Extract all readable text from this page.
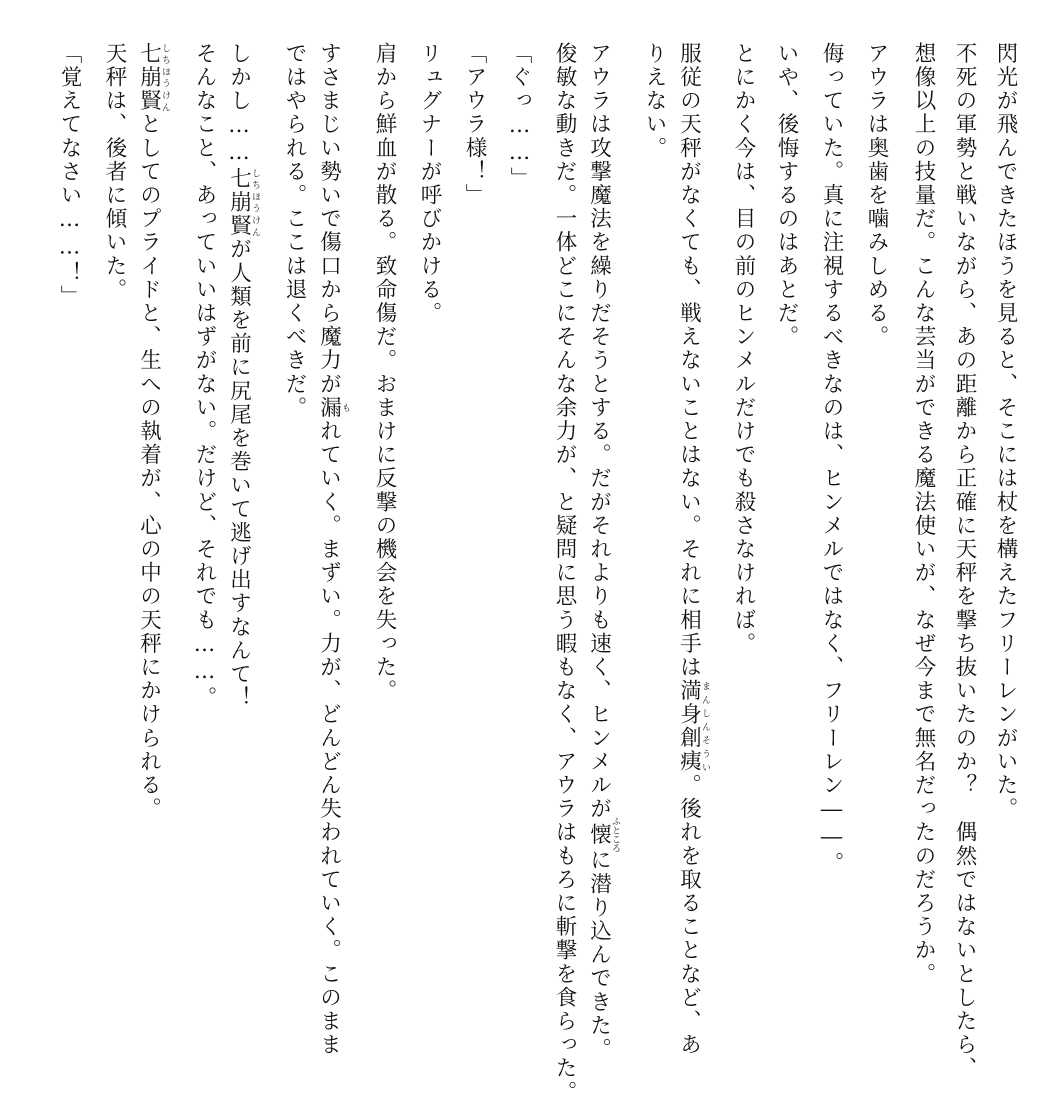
閃光が飛んできたほうを見ると、そこには杖を構えたフリーレンがいた。
不死の軍勢と戦いながら、あの距離から正確に天秤を撃ち抜いたのか？　偶然ではないとしたら、
想像以上の技量だ。こんな芸当ができる魔法使いが、なぜ今まで無名だったのだろうか。
アウラは奥歯を噛みしめる。
侮っていた。真に注視するべきなのは、ヒンメルではなく、フリーレン――。
いや、後悔するのはあとだ。
とにかく今は、目の前のヒンメルだけでも殺さなければ。
服従の天秤がなくても、戦えないことはない。それに相手は満身創痍まんしんそうい。後れを取ることなど、あ
りえない。
アウラは攻撃魔法を繰りだそうとする。だがそれよりも速く、ヒンメルが懐ふところに潜り込んできた。
俊敏な動きだ。一体どこにそんな余力が、と疑問に思う暇もなく、アウラはもろに斬撃を食らった。
「ぐっ……」
「アウラ様！」
リュグナーが呼びかける。
肩から鮮血が散る。致命傷だ。おまけに反撃の機会を失った。
すさまじい勢いで傷口から魔力が漏もれていく。まずい。力が、どんどん失われていく。このまま
ではやられる。ここは退くべきだ。
しかし……七崩賢しちほうけんが人類を前に尻尾を巻いて逃げ出すなんて！
そんなこと、あっていいはずがない。だけど、それでも……。
七崩賢しちほうけんとしてのプライドと、生への執着が、心の中の天秤にかけられる。
天秤は、後者に傾いた。
「覚えてなさい……！」
